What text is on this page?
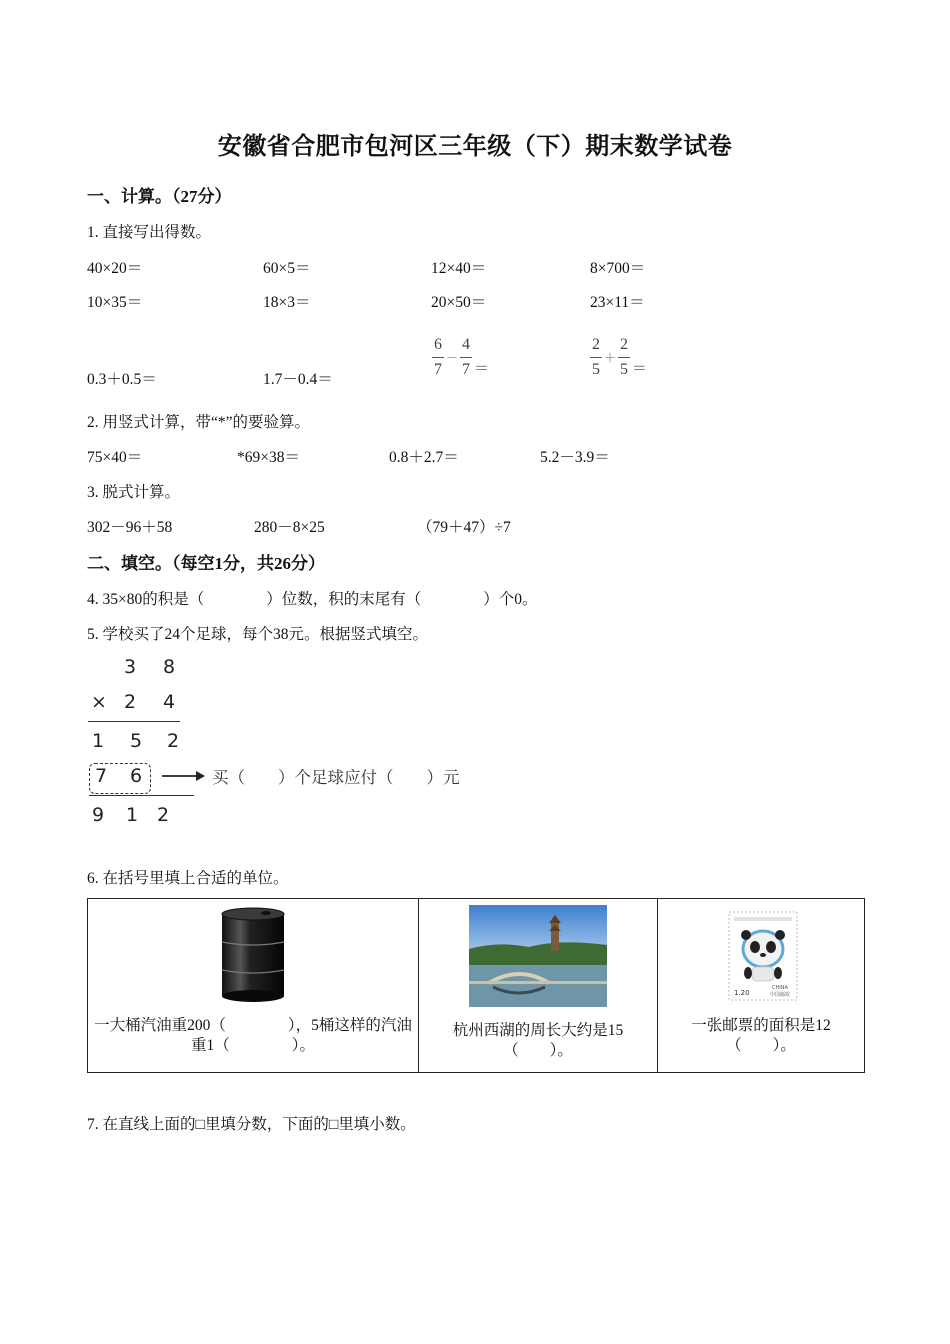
安徽省合肥市包河区三年级（下）期末数学试卷
一、计算。（27分）
1. 直接写出得数。
40×20＝	60×5＝	12×40＝	8×700＝
10×35＝	18×3＝	20×50＝	23×11＝
0.3＋0.5＝	1.7－0.4＝
$\frac{6}{7} - \frac{4}{7}$ ＝	$\frac{2}{5} + \frac{2}{5}$ ＝
2. 用竖式计算，带“*”的要验算。
75×40＝	*69×38＝	0.8＋2.7＝	5.2－3.9＝
3. 脱式计算。
302－96＋58	280－8×25	（79＋47）÷7
二、填空。（每空1分，共26分）
4. 35×80的积是（　　　　）位数，积的末尾有（　　　　）个0。
5. 学校买了24个足球，每个38元。根据竖式填空。
3 8
× 2 4
1 5 2
7 6	买（　　）个足球应付（　　）元
9 1 2
6. 在括号里填上合适的单位。
一大桶汽油重200（　　　　），5桶这样的汽油重1（　　　　）。

杭州西湖的周长大约是15（　　）。

1.20
CHINA
中国邮政
一张邮票的面积是12（　　）。
7. 在直线上面的□里填分数，下面的□里填小数。
